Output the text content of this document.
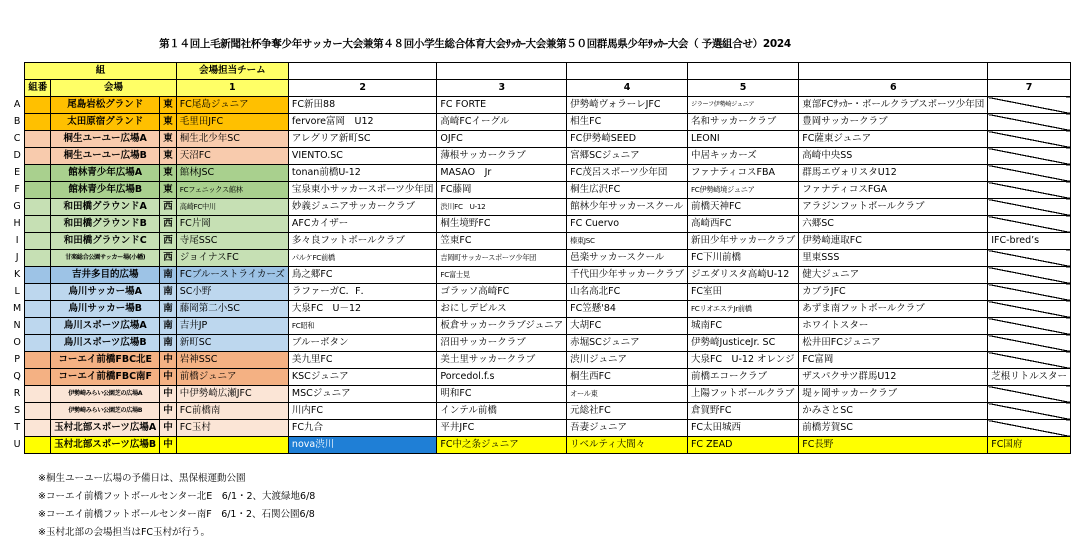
第１４回上毛新聞社杯争奪少年サッカー大会兼第４８回小学生総合体育大会ｻｯｶｰ大会兼第５０回群馬県少年ｻｯｶｰ大会（ 予選組合せ）2024
	組			会場担当チーム						
	組番	会場		1	2	3	4	5	6	7
A		尾島岩松グランド	東	FC尾島ジュニア	FC新田88	FC FORTE	伊勢崎ヴォラーレJFC	ジラーフ伊勢崎ジュニア	東部FCｻｯｶｰ・ボールクラブスポーツ少年団	
B		太田原宿グランド	東	毛里田JFC	fervore富岡　U12	高崎FCイーグル	相生FC	名和サッカークラブ	豊岡サッカークラブ	
C		桐生ユーユー広場A	東	桐生北少年SC	アレグリア新町SC	OJFC	FC伊勢崎SEED	LEONI	FC薩東ジュニア	
D		桐生ユーユー広場B	東	天沼FC	VIENTO.SC	薄根サッカークラブ	宮郷SCジュニア	中居キッカーズ	高崎中央SS	
E		館林青少年広場A	東	館林JSC	tonan前橋U-12	MASAO　Jr	FC茂呂スポーツ少年団	ファナティコスFBA	群馬エヴォリスタU12	
F		館林青少年広場B	東	FCフェニックス館林	宝泉東小サッカースポーツ少年団	FC藤岡	桐生広沢FC	FC伊勢崎境ジュニア	ファナティコスFGA	
G		和田橋グラウンドA	西	高崎FC中川	妙義ジュニアサッカークラブ	渋川FC　U-12	館林少年サッカースクール	前橋天神FC	アラジンフットボールクラブ	
H		和田橋グラウンドB	西	FC片岡	AFCカイザー	桐生境野FC	FC Cuervo	高崎西FC	六郷SC	
I		和田橋グラウンドC	西	寺尾SSC	多々良フットボールクラブ	笠東FC	榛東JSC	新田少年サッカークラブ	伊勢崎連取FC	IFC-bred’s
J		甘楽総合公園サッカー場(小幡)	西	ジョイナスFC	パルケFC前橋	吉岡町サッカースポーツ少年団	邑楽サッカースクール	FC下川前橋	里東SSS	
K		吉井多目的広場	南	FCブルーストライカーズ	鳥之郷FC	FC富士見	千代田少年サッカークラブ	ジエダリスタ高崎U-12	健大ジュニア	
L		烏川サッカー場A	南	SC小野	ラファーガC．F．	ゴラッソ高崎FC	山名高北FC	FC室田	カブラJFC	
M		烏川サッカー場B	南	藤岡第二小SC	大泉FC　U－12	おにしデビルス	FC笠懸'84	FCリオエステJr前橋	あずま南フットボールクラブ	
N		烏川スポーツ広場A	南	吉井JP	FC昭和	板倉サッカークラブジュニア	大胡FC	城南FC	ホワイトスター	
O		烏川スポーツ広場B	南	新町SC	ブルーボタン	沼田サッカークラブ	赤堀SCジュニア	伊勢崎JusticeJr. SC	松井田FCジュニア	
P		コーエイ前橋FBC北E	中	岩神SSC	美九里FC	美土里サッカークラブ	渋川ジュニア	大泉FC　U-12 オレンジ	FC富岡	
Q		コーエイ前橋FBC南F	中	前橋ジュニア	KSCジュニア	Porcedol.f.s	桐生西FC	前橋エコークラブ	ザスパクサツ群馬U12	芝根リトルスター
R		伊勢崎みらい公園芝の広場A	中	中伊勢崎広瀬JFC	MSCジュニア	明和FC	オール東	上陽フットボールクラブ	堤ヶ岡サッカークラブ	
S		伊勢崎みらい公園芝の広場B	中	FC前橋南	川内FC	インテル前橋	元総社FC	倉賀野FC	かみさとSC	
T		玉村北部スポーツ広場A	中	FC玉村	FC九合	平井JFC	吾妻ジュニア	FC太田城西	前橋芳賀SC	
U		玉村北部スポーツ広場B	中		nova渋川	FC中之条ジュニア	リベルティ大間々	FC ZEAD	FC長野	FC国府
※桐生ユーユー広場の予備日は、黒保根運動公園
※コーエイ前橋フットボールセンター北E　6/1・2、大渡緑地6/8
※コーエイ前橋フットボールセンター南F　6/1・2、石関公園6/8
※玉村北部の会場担当はFC玉村が行う。
